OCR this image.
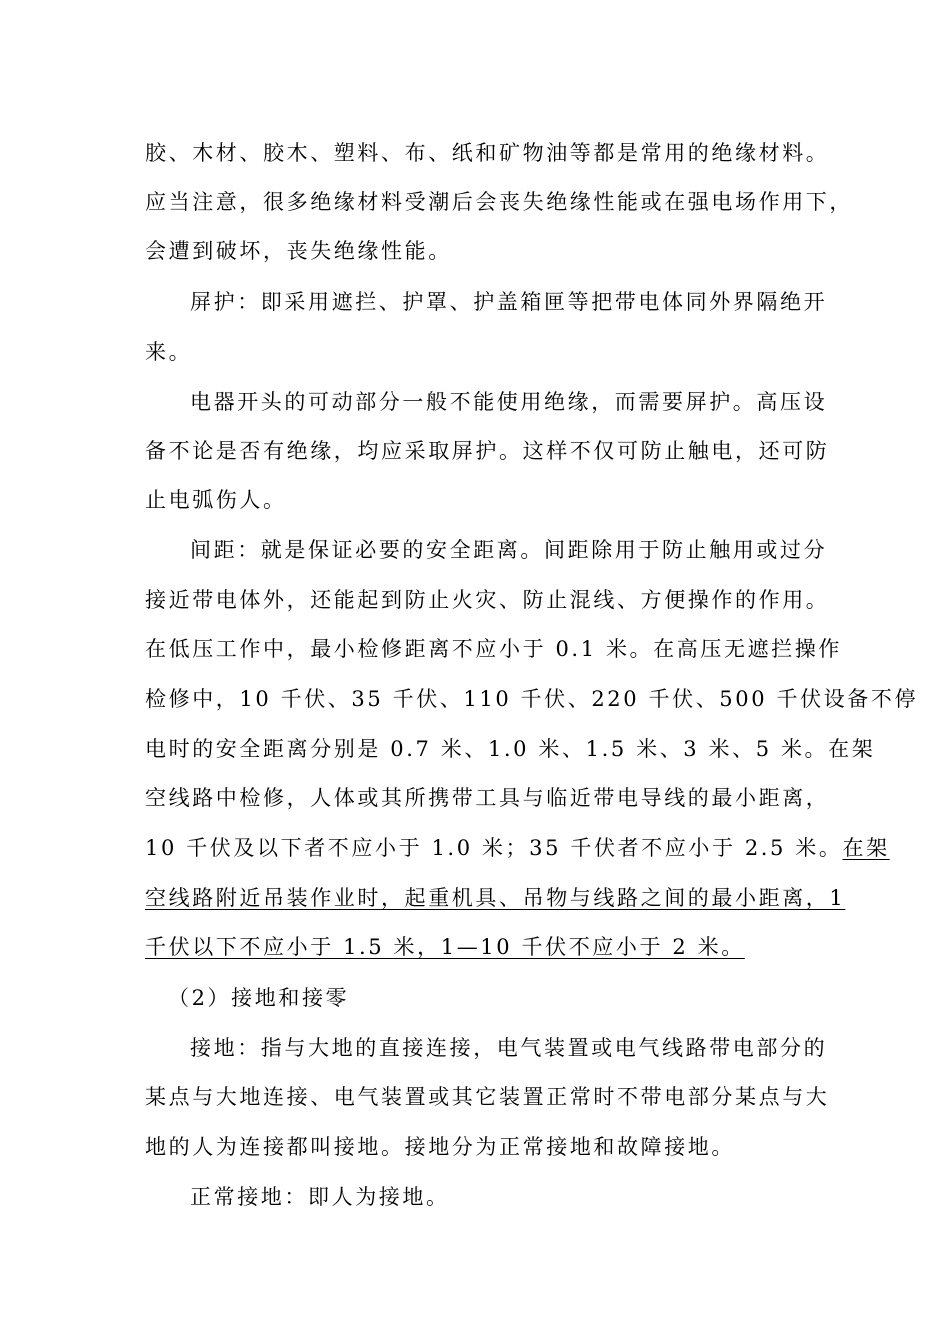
胶、木材、胶木、塑料、布、纸和矿物油等都是常用的绝缘材料。
应当注意，很多绝缘材料受潮后会丧失绝缘性能或在强电场作用下，
会遭到破坏，丧失绝缘性能。
屏护：即采用遮拦、护罩、护盖箱匣等把带电体同外界隔绝开
来。
电器开头的可动部分一般不能使用绝缘，而需要屏护。高压设
备不论是否有绝缘，均应采取屏护。这样不仅可防止触电，还可防
止电弧伤人。
间距：就是保证必要的安全距离。间距除用于防止触用或过分
接近带电体外，还能起到防止火灾、防止混线、方便操作的作用。
在低压工作中，最小检修距离不应小于 0.1 米。在高压无遮拦操作
检修中，10 千伏、35 千伏、110 千伏、220 千伏、500 千伏设备不停
电时的安全距离分别是 0.7 米、1.0 米、1.5 米、3 米、5 米。在架
空线路中检修，人体或其所携带工具与临近带电导线的最小距离，
10 千伏及以下者不应小于 1.0 米；35 千伏者不应小于 2.5 米。在架
空线路附近吊装作业时，起重机具、吊物与线路之间的最小距离，1
千伏以下不应小于 1.5 米，1—10 千伏不应小于 2 米。
（2）接地和接零
接地：指与大地的直接连接，电气装置或电气线路带电部分的
某点与大地连接、电气装置或其它装置正常时不带电部分某点与大
地的人为连接都叫接地。接地分为正常接地和故障接地。
正常接地：即人为接地。
